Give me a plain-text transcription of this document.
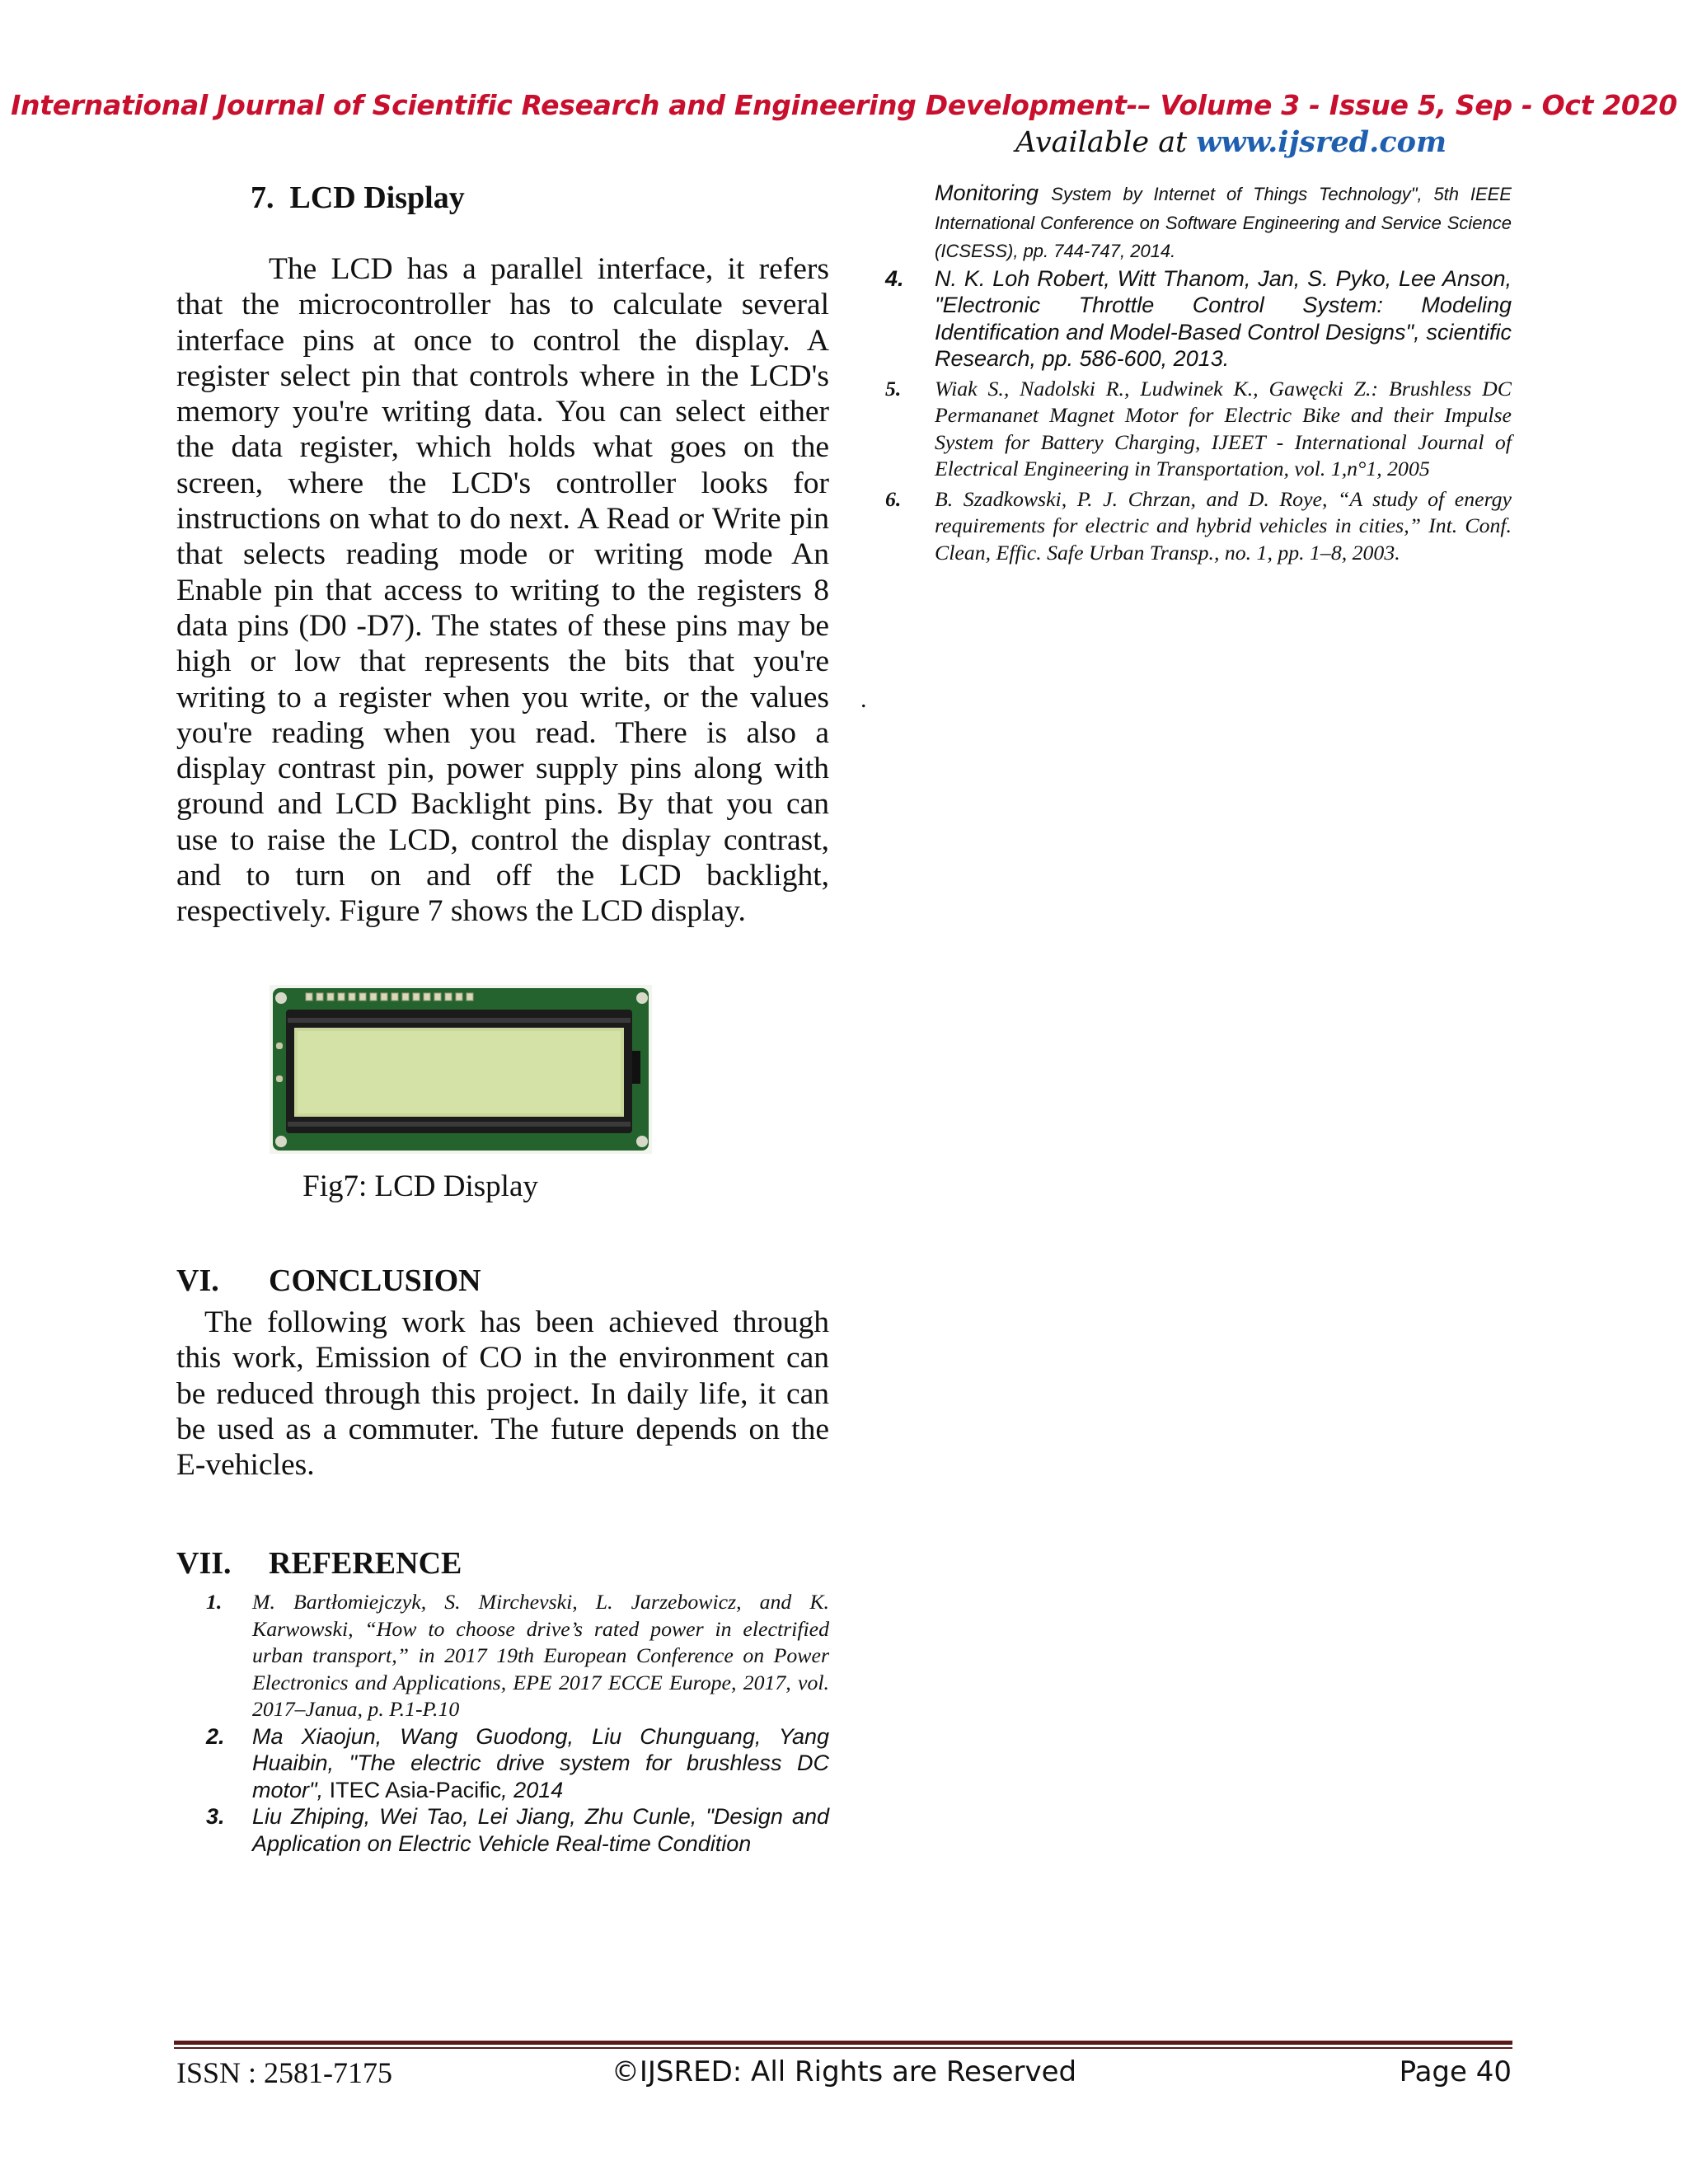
International Journal of Scientific Research and Engineering Development-– Volume 3 - Issue 5, Sep - Oct 2020
Available at www.ijsred.com
7. LCD Display
The LCD has a parallel interface, it refers that the microcontroller has to calculate several interface pins at once to control the display. A register select pin that controls where in the LCD's memory you're writing data. You can select either the data register, which holds what goes on the screen, where the LCD's controller looks for instructions on what to do next. A Read or Write pin that selects reading mode or writing mode An Enable pin that access to writing to the registers 8 data pins (D0 -D7). The states of these pins may be high or low that represents the bits that you're writing to a register when you write, or the values you're reading when you read. There is also a display contrast pin, power supply pins along with ground and LCD Backlight pins. By that you can use to raise the LCD, control the display contrast, and to turn on and off the LCD backlight, respectively. Figure 7 shows the LCD display.
Fig7: LCD Display
VI. CONCLUSION
The following work has been achieved through this work, Emission of CO in the environment can be reduced through this project. In daily life, it can be used as a commuter. The future depends on the E-vehicles.
VII. REFERENCE

1. M. Bartłomiejczyk, S. Mirchevski, L. Jarzebowicz, and K. Karwowski, “How to choose drive’s rated power in electrified urban transport,” in 2017 19th European Conference on Power Electronics and Applications, EPE 2017 ECCE Europe, 2017, vol. 2017–Janua, p. P.1-P.10

2. Ma Xiaojun, Wang Guodong, Liu Chunguang, Yang Huaibin, "The electric drive system for brushless DC motor", ITEC Asia-Pacific, 2014

3. Liu Zhiping, Wei Tao, Lei Jiang, Zhu Cunle, "Design and Application on Electric Vehicle Real-time Condition

Monitoring System by Internet of Things Technology", 5th IEEE International Conference on Software Engineering and Service Science (ICSESS), pp. 744-747, 2014.

4. N. K. Loh Robert, Witt Thanom, Jan, S. Pyko, Lee Anson, "Electronic Throttle Control System: Modeling Identification and Model-Based Control Designs", scientific Research, pp. 586-600, 2013.

5. Wiak S., Nadolski R., Ludwinek K., Gawęcki Z.: Brushless DC Permananet Magnet Motor for Electric Bike and their Impulse System for Battery Charging, IJEET - International Journal of Electrical Engineering in Transportation, vol. 1,n°1, 2005

6. B. Szadkowski, P. J. Chrzan, and D. Roye, “A study of energy requirements for electric and hybrid vehicles in cities,” Int. Conf. Clean, Effic. Safe Urban Transp., no. 1, pp. 1–8, 2003.

.
ISSN : 2581-7175	©IJSRED: All Rights are Reserved	Page 40
